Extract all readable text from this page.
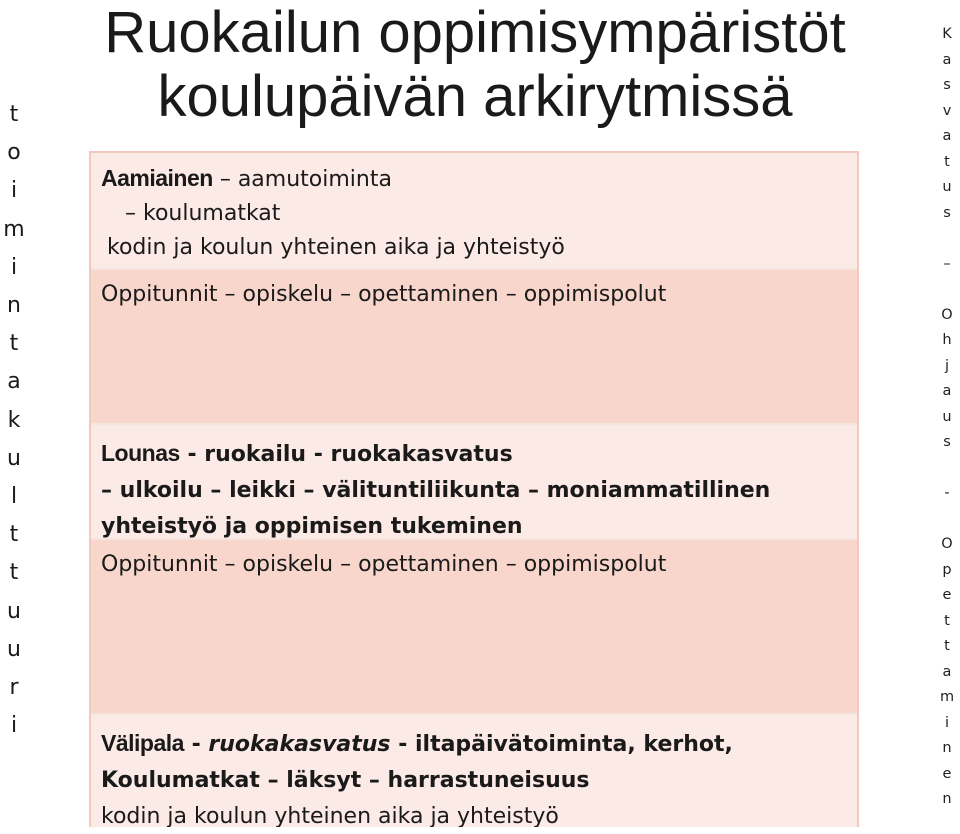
Ruokailun oppimisympäristöt
koulupäivän arkirytmissä
t
o
i
m
i
n
t
a
k
u
l
t
t
u
u
r
i
K
a
s
v
a
t
u
s

–

O
h
j
a
u
s

-

O
p
e
t
t
a
m
i
n
e
n
Aamiainen – aamutoiminta
– koulumatkat
kodin ja koulun yhteinen aika ja yhteistyö
Oppitunnit – opiskelu – opettaminen – oppimispolut
Lounas - ruokailu - ruokakasvatus
– ulkoilu – leikki – välituntiliikunta – moniammatillinen
yhteistyö ja oppimisen tukeminen
Oppitunnit – opiskelu – opettaminen – oppimispolut
Välipala - ruokakasvatus - iltapäivätoiminta, kerhot,
Koulumatkat – läksyt – harrastuneisuus
kodin ja koulun yhteinen aika ja yhteistyö
